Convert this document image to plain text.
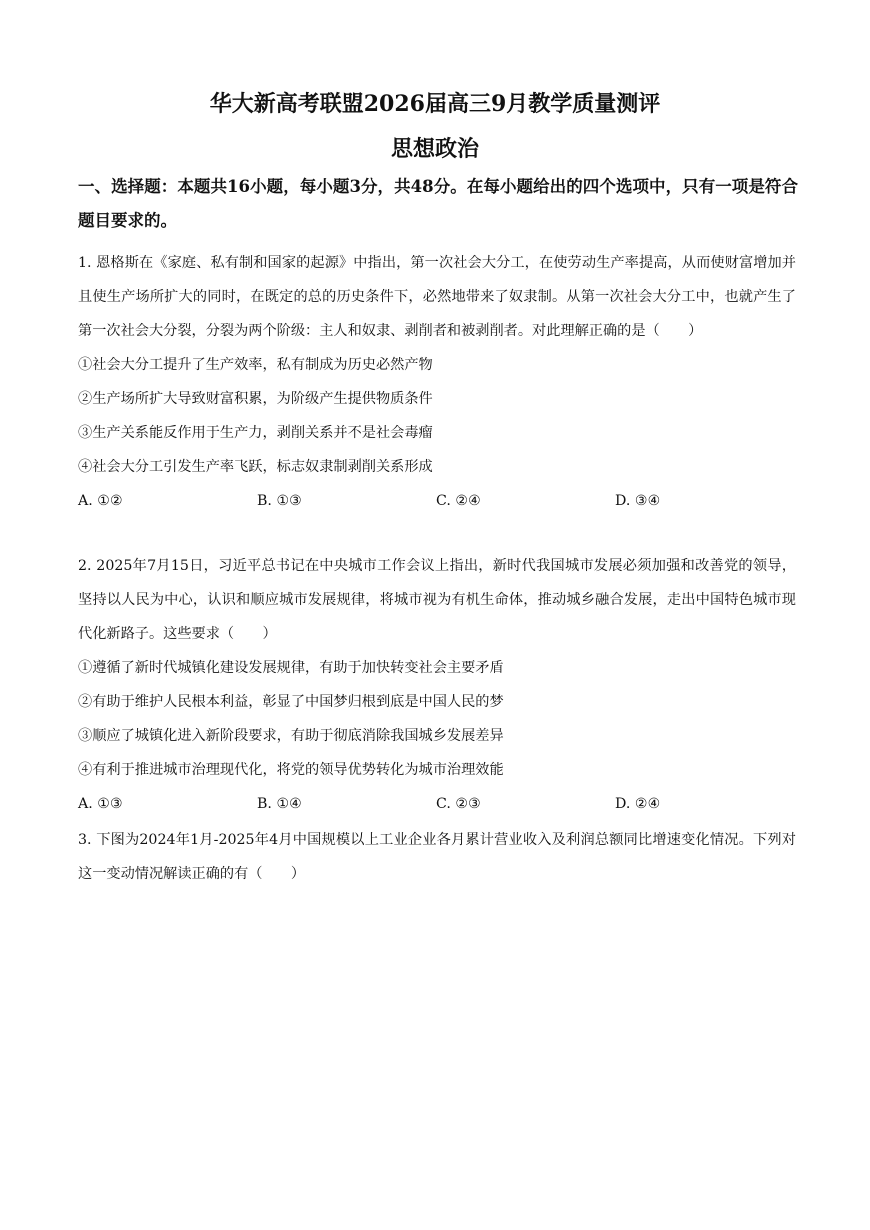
华大新高考联盟2026届高三9月教学质量测评
思想政治
一、选择题：本题共16小题，每小题3分，共48分。在每小题给出的四个选项中，只有一项是符合题目要求的。

1. 恩格斯在《家庭、私有制和国家的起源》中指出，第一次社会大分工，在使劳动生产率提高，从而使财富增加并且使生产场所扩大的同时，在既定的总的历史条件下，必然地带来了奴隶制。从第一次社会大分工中，也就产生了第一次社会大分裂，分裂为两个阶级：主人和奴隶、剥削者和被剥削者。对此理解正确的是（　　）

①社会大分工提升了生产效率，私有制成为历史必然产物

②生产场所扩大导致财富积累，为阶级产生提供物质条件

③生产关系能反作用于生产力，剥削关系并不是社会毒瘤

④社会大分工引发生产率飞跃，标志奴隶制剥削关系形成

A. ①②	B. ①③	C. ②④	D. ③④

2. 2025年7月15日，习近平总书记在中央城市工作会议上指出，新时代我国城市发展必须加强和改善党的领导，坚持以人民为中心，认识和顺应城市发展规律，将城市视为有机生命体，推动城乡融合发展，走出中国特色城市现代化新路子。这些要求（　　）

①遵循了新时代城镇化建设发展规律，有助于加快转变社会主要矛盾

②有助于维护人民根本利益，彰显了中国梦归根到底是中国人民的梦

③顺应了城镇化进入新阶段要求，有助于彻底消除我国城乡发展差异

④有利于推进城市治理现代化，将党的领导优势转化为城市治理效能

A. ①③	B. ①④	C. ②③	D. ②④

3. 下图为2024年1月-2025年4月中国规模以上工业企业各月累计营业收入及利润总额同比增速变化情况。下列对这一变动情况解读正确的有（　　）
